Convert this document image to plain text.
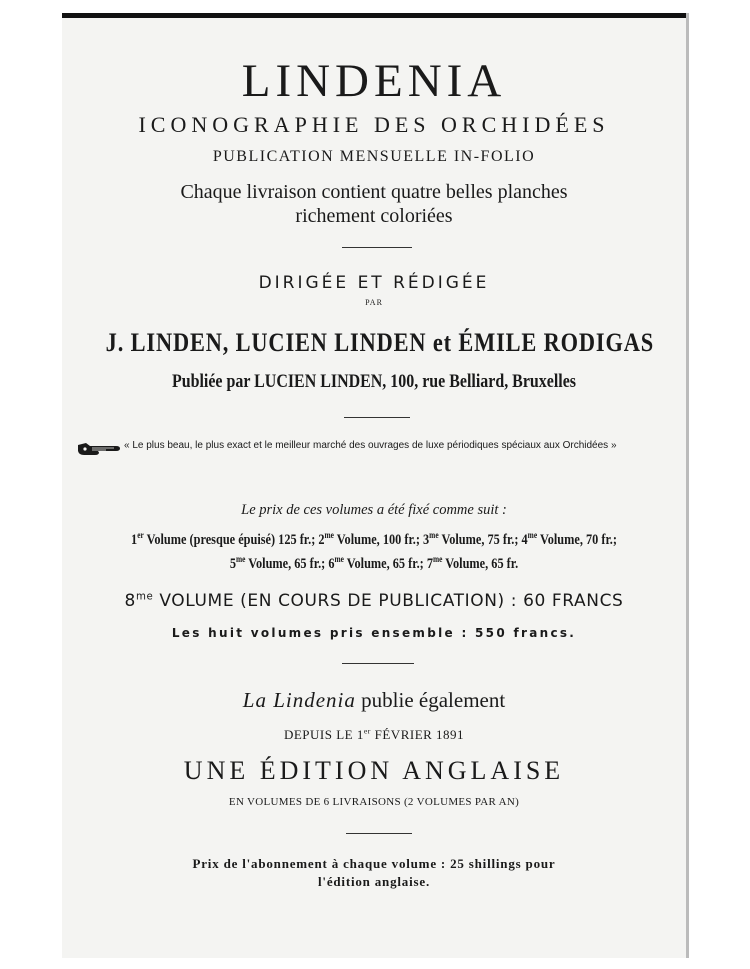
LINDENIA
ICONOGRAPHIE DES ORCHIDÉES
PUBLICATION MENSUELLE IN-FOLIO
Chaque livraison contient quatre belles planches
richement coloriées
DIRIGÉE ET RÉDIGÉE
PAR
J. LINDEN, LUCIEN LINDEN et ÉMILE RODIGAS
Publiée par LUCIEN LINDEN, 100, rue Belliard, Bruxelles
« Le plus beau, le plus exact et le meilleur marché des ouvrages de luxe périodiques spéciaux aux Orchidées »
Le prix de ces volumes a été fixé comme suit :
1er Volume (presque épuisé) 125 fr.; $2^{me}$ Volume, 100 fr.; $3^{me}$ Volume, 75 fr.; $4^{me}$ Volume, 70 fr.;
$5^{me}$ Volume, 65 fr.; $6^{me}$ Volume, 65 fr.; $7^{me}$ Volume, 65 fr.
$8^{me}$ VOLUME (EN COURS DE PUBLICATION) : 60 FRANCS
Les huit volumes pris ensemble : 550 francs.
La Lindenia publie également
DEPUIS LE 1er FÉVRIER 1891
UNE ÉDITION ANGLAISE
EN VOLUMES DE 6 LIVRAISONS (2 VOLUMES PAR AN)
Prix de l'abonnement à chaque volume : 25 shillings pour
l'édition anglaise.
